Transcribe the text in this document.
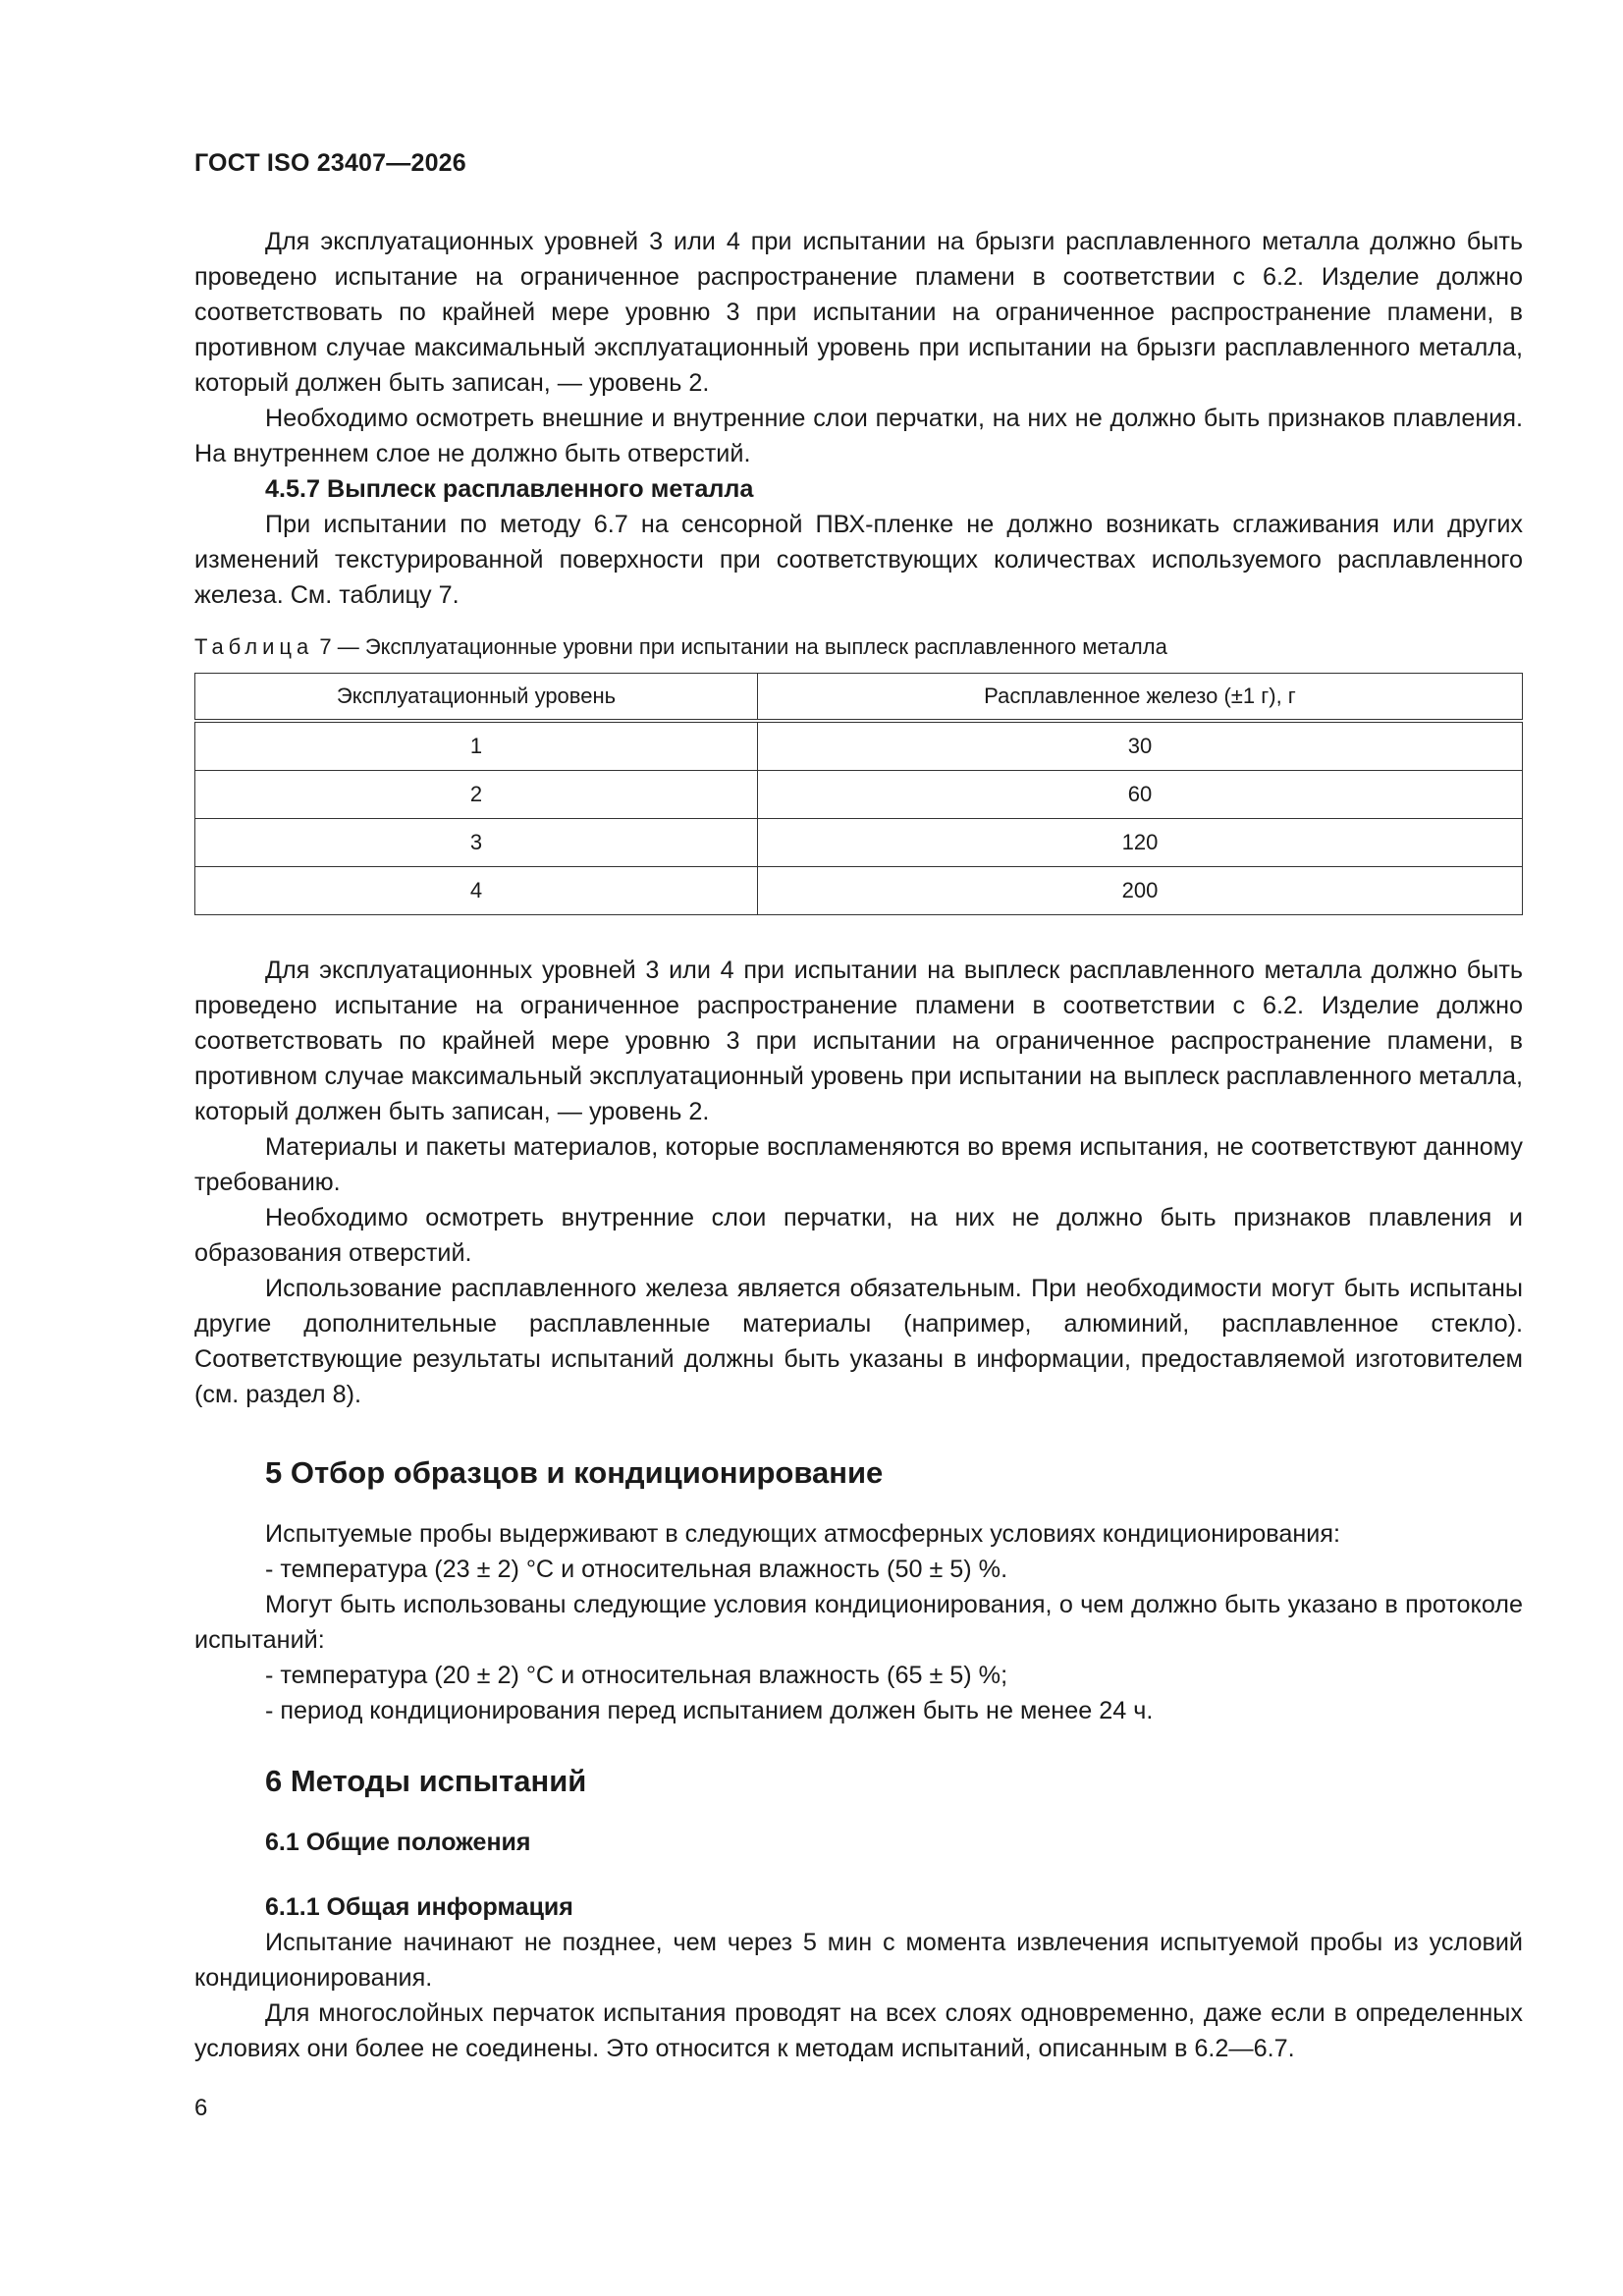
ГОСТ ISO 23407—2026

Для эксплуатационных уровней 3 или 4 при испытании на брызги расплавленного металла должно быть проведено испытание на ограниченное распространение пламени в соответствии с 6.2. Изделие должно соответствовать по крайней мере уровню 3 при испытании на ограниченное распространение пламени, в противном случае максимальный эксплуатационный уровень при испытании на брызги расплавленного металла, который должен быть записан, — уровень 2.

Необходимо осмотреть внешние и внутренние слои перчатки, на них не должно быть признаков плавления. На внутреннем слое не должно быть отверстий.

4.5.7 Выплеск расплавленного металла

При испытании по методу 6.7 на сенсорной ПВХ-пленке не должно возникать сглаживания или других изменений текстурированной поверхности при соответствующих количествах используемого расплавленного железа. См. таблицу 7.

Таблица 7 — Эксплуатационные уровни при испытании на выплеск расплавленного металла
Эксплуатационный уровень	Расплавленное железо (±1 г), г
1	30
2	60
3	120
4	200

Для эксплуатационных уровней 3 или 4 при испытании на выплеск расплавленного металла должно быть проведено испытание на ограниченное распространение пламени в соответствии с 6.2. Изделие должно соответствовать по крайней мере уровню 3 при испытании на ограниченное распространение пламени, в противном случае максимальный эксплуатационный уровень при испытании на выплеск расплавленного металла, который должен быть записан, — уровень 2.

Материалы и пакеты материалов, которые воспламеняются во время испытания, не соответствуют данному требованию.

Необходимо осмотреть внутренние слои перчатки, на них не должно быть признаков плавления и образования отверстий.

Использование расплавленного железа является обязательным. При необходимости могут быть испытаны другие дополнительные расплавленные материалы (например, алюминий, расплавленное стекло). Соответствующие результаты испытаний должны быть указаны в информации, предоставляемой изготовителем (см. раздел 8).

5 Отбор образцов и кондиционирование

Испытуемые пробы выдерживают в следующих атмосферных условиях кондиционирования:

- температура (23 ± 2) °С и относительная влажность (50 ± 5) %.

Могут быть использованы следующие условия кондиционирования, о чем должно быть указано в протоколе испытаний:

- температура (20 ± 2) °С и относительная влажность (65 ± 5) %;
- период кондиционирования перед испытанием должен быть не менее 24 ч.
6 Методы испытаний
6.1 Общие положения
6.1.1 Общая информация

Испытание начинают не позднее, чем через 5 мин с момента извлечения испытуемой пробы из условий кондиционирования.

Для многослойных перчаток испытания проводят на всех слоях одновременно, даже если в определенных условиях они более не соединены. Это относится к методам испытаний, описанным в 6.2—6.7.

6
